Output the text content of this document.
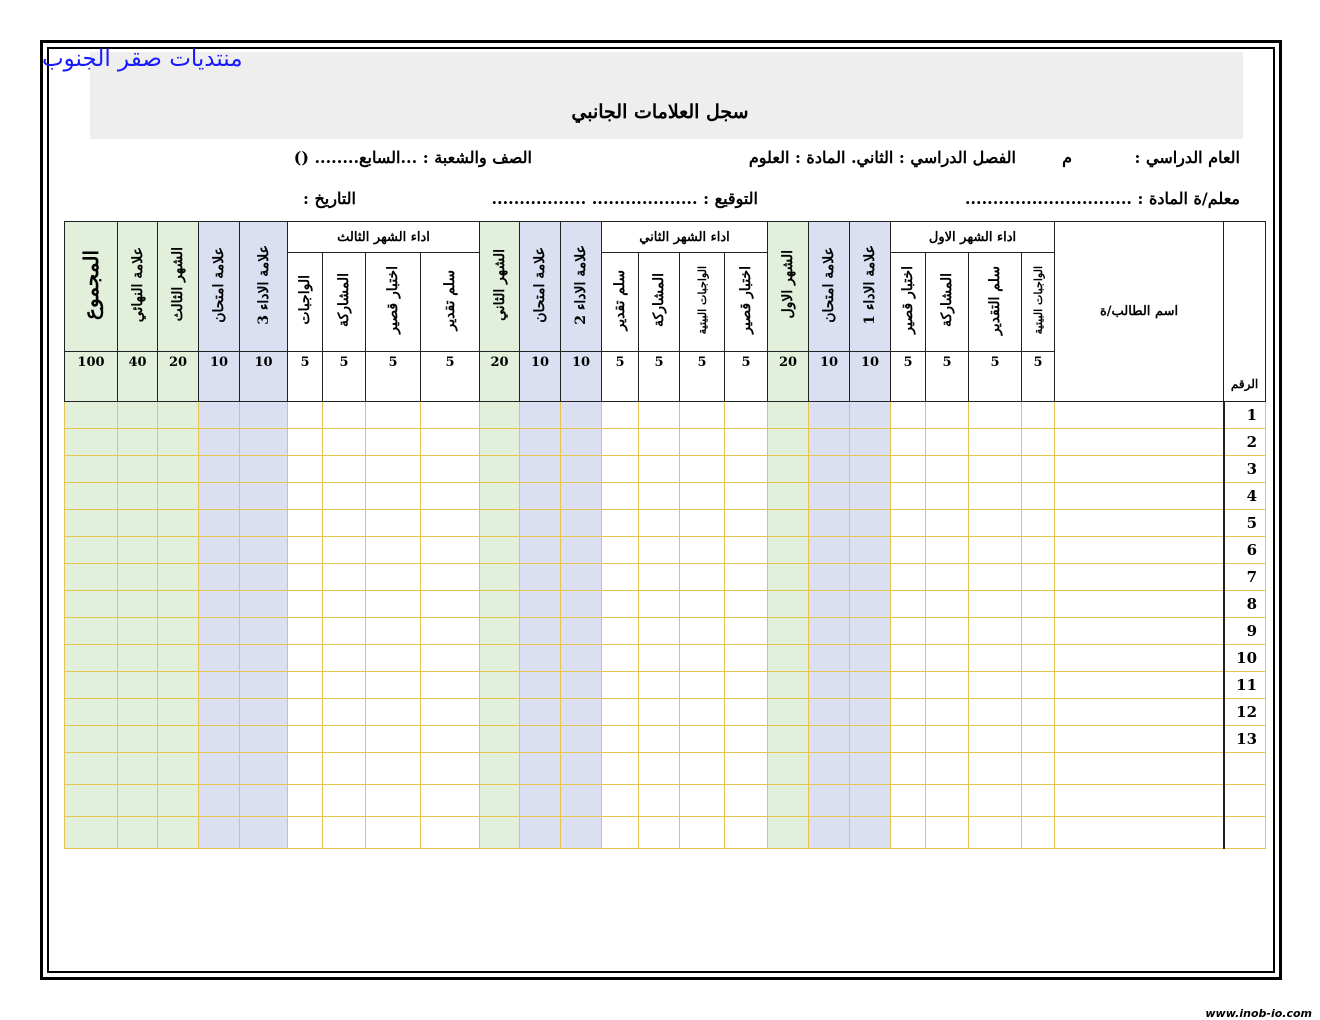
منتديات صقر الجنوب
سجل العلامات الجانبي
العام الدراسي :
م
الفصل الدراسي : الثاني. المادة : العلوم
الصف والشعبة : ...السابع........ ()
معلم/ة المادة : ..............................
التوقيع : ................... .................
التاريخ :
المجموع	علامة النهائي	الشهر الثالث	علامة امتحان	علامة الاداء 3	اداء الشهر الثالث				الشهر الثاني	علامة امتحان	علامة الاداء 2	اداء الشهر الثاني				الشهر الاول	علامة امتحان	علامة الاداء 1	اداء الشهر الاول				اسم الطالب/ة	الرقم
					الواجبات	المشاركة	اختبار قصير	سلم تقدير				سلم تقدير	المشاركة	الواجبات البيتية	اختبار قصير				اختبار قصير	المشاركة	سلم التقدير	الواجبات البيتية		
100	40	20	10	10	5	5	5	5	20	10	10	5	5	5	5	20	10	10	5	5	5	5		
																								1
																								2
																								3
																								4
																								5
																								6
																								7
																								8
																								9
																								10
																								11
																								12
																								13

www.inob-io.com
